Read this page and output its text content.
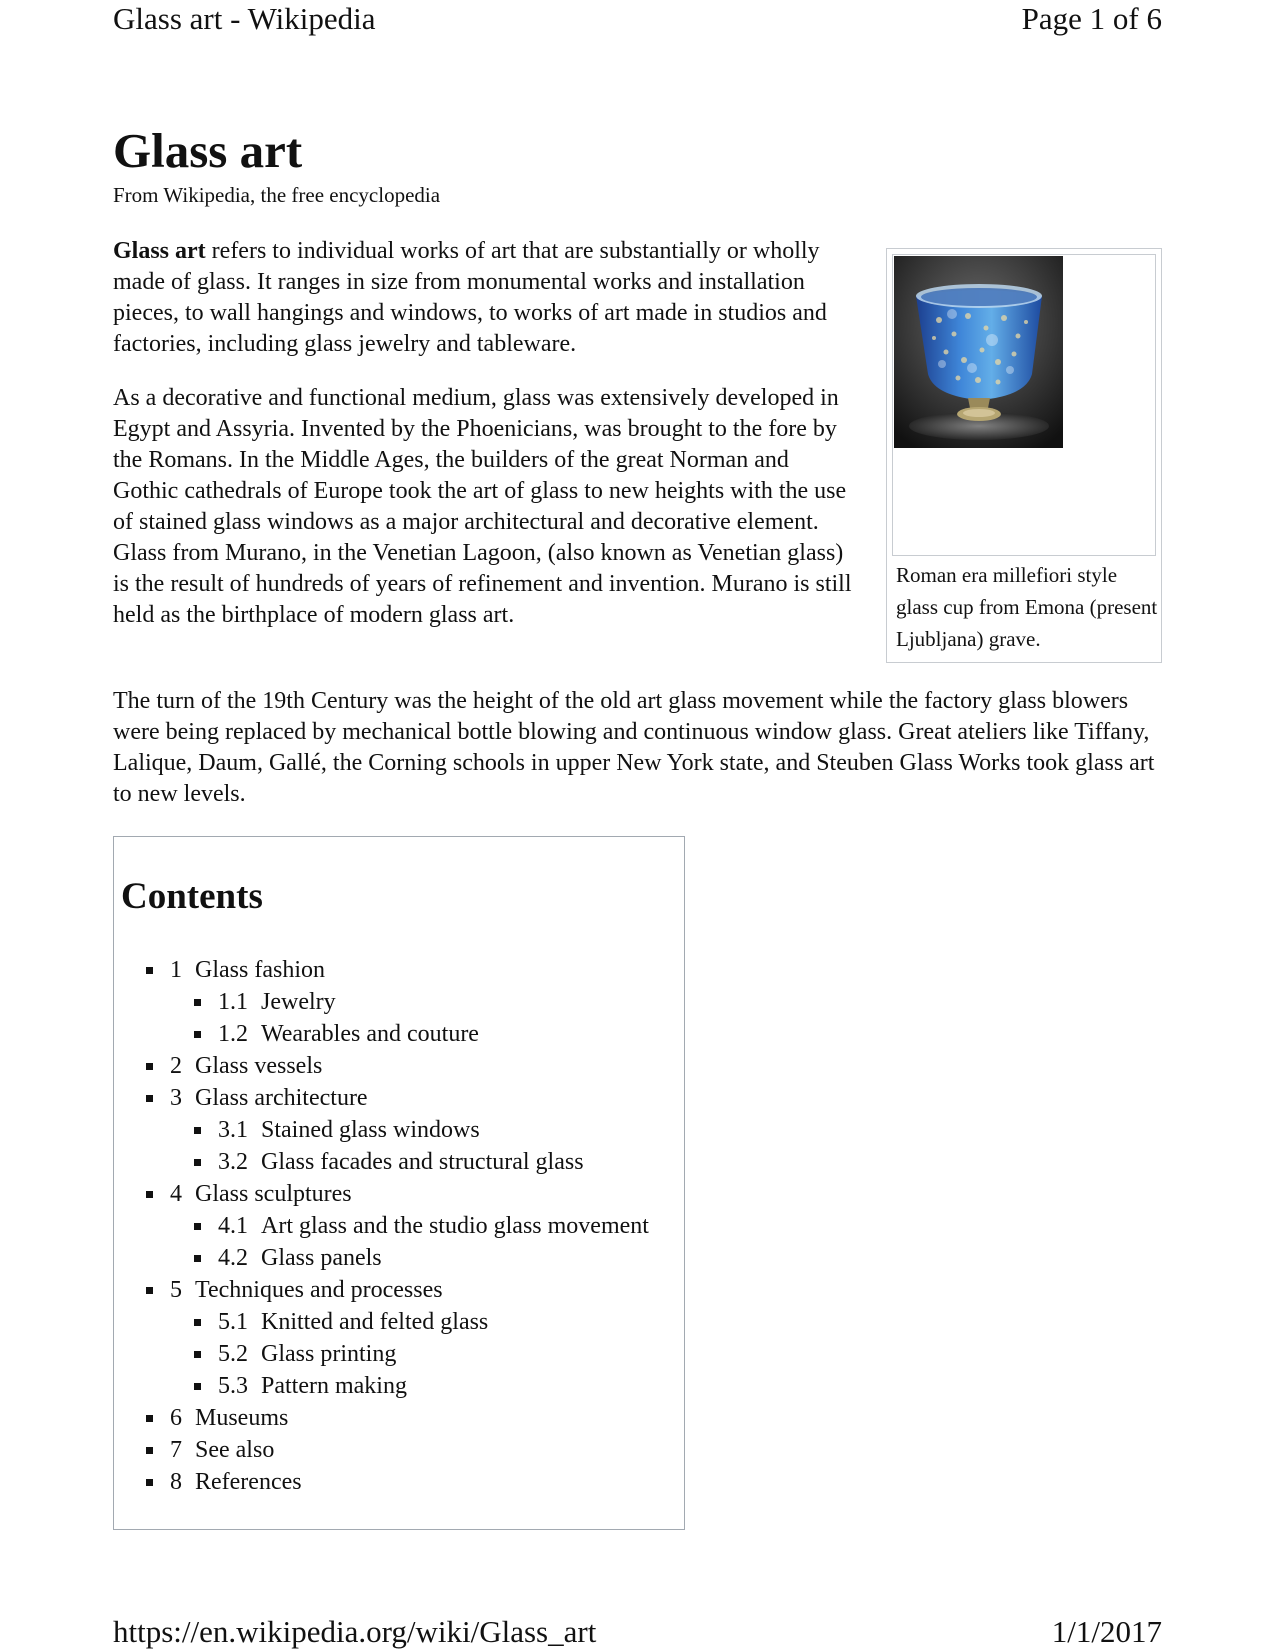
Glass art - Wikipedia	Page 1 of 6
Glass art
From Wikipedia, the free encyclopedia

Glass art refers to individual works of art that are substantially or wholly made of glass. It ranges in size from monumental works and installation pieces, to wall hangings and windows, to works of art made in studios and factories, including glass jewelry and tableware.

As a decorative and functional medium, glass was extensively developed in Egypt and Assyria. Invented by the Phoenicians, was brought to the fore by the Romans. In the Middle Ages, the builders of the great Norman and Gothic cathedrals of Europe took the art of glass to new heights with the use of stained glass windows as a major architectural and decorative element. Glass from Murano, in the Venetian Lagoon, (also known as Venetian glass) is the result of hundreds of years of refinement and invention. Murano is still held as the birthplace of modern glass art.

Roman era millefiori style glass cup from Emona (present Ljubljana) grave.

The turn of the 19th Century was the height of the old art glass movement while the factory glass blowers were being replaced by mechanical bottle blowing and continuous window glass. Great ateliers like Tiffany, Lalique, Daum, Gallé, the Corning schools in upper New York state, and Steuben Glass Works took glass art to new levels.

Contents
1 Glass fashion
1.1 Jewelry
1.2 Wearables and couture
2 Glass vessels
3 Glass architecture
3.1 Stained glass windows
3.2 Glass facades and structural glass
4 Glass sculptures
4.1 Art glass and the studio glass movement
4.2 Glass panels
5 Techniques and processes
5.1 Knitted and felted glass
5.2 Glass printing
5.3 Pattern making
6 Museums
7 See also
8 References
https://en.wikipedia.org/wiki/Glass_art	1/1/2017
